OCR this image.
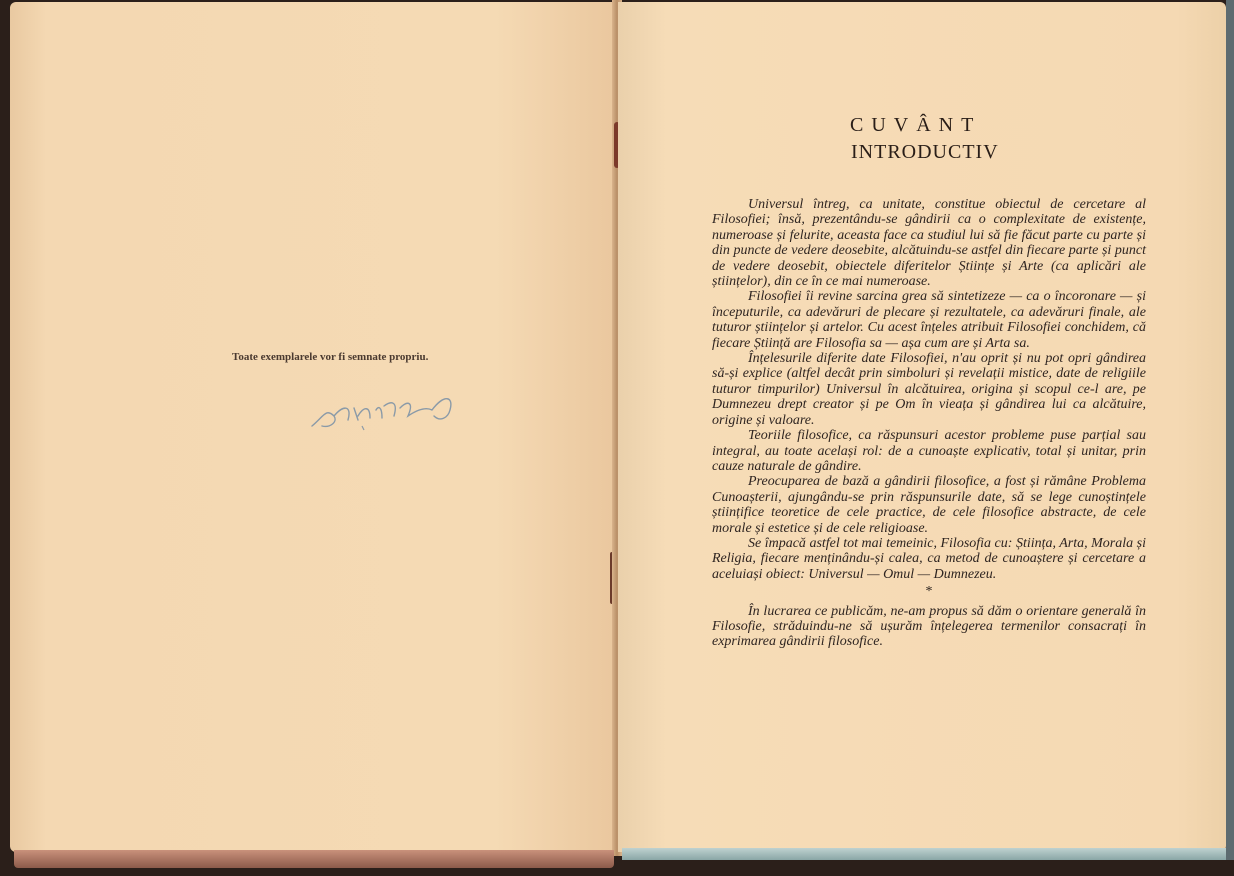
Toate exemplarele vor fi semnate propriu.
CUVÂNT
INTRODUCTIV

Universul întreg, ca unitate, constitue obiectul de cercetare al Filosofiei; însă, prezentându-se gândirii ca o complexitate de existențe, numeroase și felurite, aceasta face ca studiul lui să fie făcut parte cu parte și din puncte de vedere deosebite, alcătuindu-se astfel din fiecare parte și punct de vedere deosebit, obiectele diferitelor Științe și Arte (ca aplicări ale științelor), din ce în ce mai numeroase.

Filosofiei îi revine sarcina grea să sintetizeze — ca o încoronare — și începuturile, ca adevăruri de plecare și rezultatele, ca adevăruri finale, ale tuturor științelor și artelor. Cu acest înțeles atribuit Filosofiei conchidem, că fiecare Știință are Filosofia sa — așa cum are și Arta sa.

Înțelesurile diferite date Filosofiei, n'au oprit și nu pot opri gândirea să-și explice (altfel decât prin simboluri și revelații mistice, date de religiile tuturor timpurilor) Universul în alcătuirea, origina și scopul ce-l are, pe Dumnezeu drept creator și pe Om în vieața și gândirea lui ca alcătuire, origine și valoare.

Teoriile filosofice, ca răspunsuri acestor probleme puse parțial sau integral, au toate același rol: de a cunoaște explicativ, total și unitar, prin cauze naturale de gândire.

Preocuparea de bază a gândirii filosofice, a fost și rămâne Problema Cunoașterii, ajungându-se prin răspunsurile date, să se lege cunoștințele științifice teoretice de cele practice, de cele filosofice abstracte, de cele morale și estetice și de cele religioase.

Se împacă astfel tot mai temeinic, Filosofia cu: Știința, Arta, Morala și Religia, fiecare menținându-și calea, ca metod de cunoaștere și cercetare a aceluiași obiect: Universul — Omul — Dumnezeu.

*

În lucrarea ce publicăm, ne-am propus să dăm o orientare generală în Filosofie, străduindu-ne să ușurăm înțelegerea termenilor consacrați în exprimarea gândirii filosofice.
